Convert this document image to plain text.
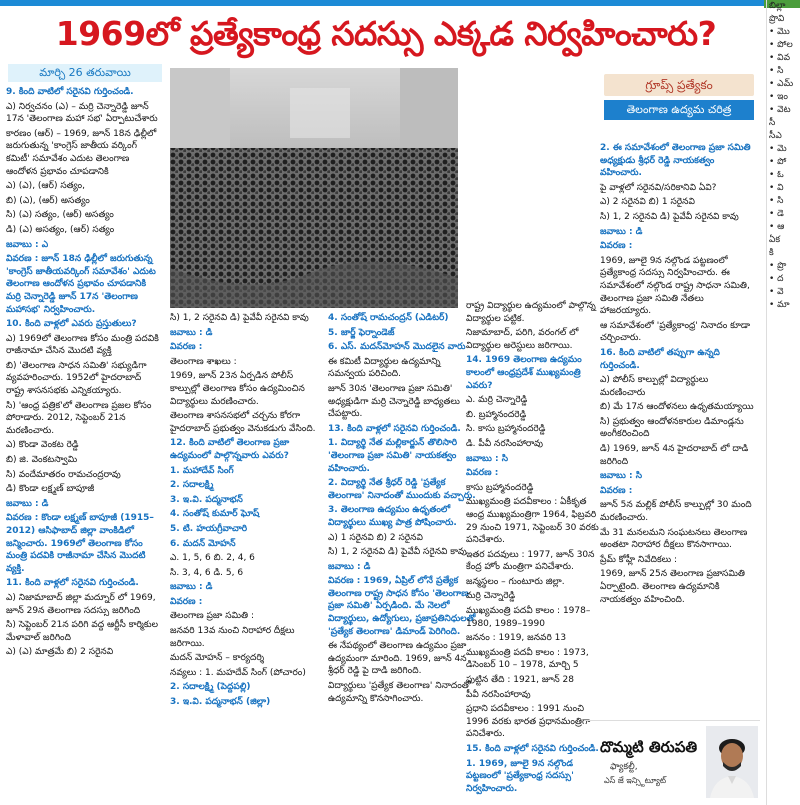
1969లో ప్రత్యేకాంధ్ర సదస్సు ఎక్కడ నిర్వహించారు?
మార్చి 26 తరువాయి

9. కింది వాటిలో సరైనవి గుర్తించండి.

ఎ) నిర్వచనం (ఎ) – మర్రి చెన్నారెడ్డి జూన్ 17న 'తెలంగాణ మహా సభ' ఏర్పాటుచేశారు

కారణం (ఆర్) – 1969, జూన్ 18న ఢిల్లీలో జరుగుతున్న 'కాంగ్రెస్ జాతీయ వర్కింగ్ కమిటీ' సమావేశం ఎదుట తెలంగాణ ఆందోళన ప్రభావం చూపడానికి

ఎ) (ఎ), (ఆర్) సత్యం,

బి) (ఎ), (ఆర్) అసత్యం

సి) (ఎ) సత్యం, (ఆర్) అసత్యం

డి) (ఎ) అసత్యం, (ఆర్) సత్యం

జవాబు : ఎ

వివరణ : జూన్ 18న ఢిల్లీలో జరుగుతున్న 'కాంగ్రెస్ జాతీయవర్కింగ్ సమావేశం' ఎదుట తెలంగాణ ఆందోళన ప్రభావం చూపడానికి మర్రి చెన్నారెడ్డి జూన్ 17న 'తెలంగాణ మహాసభ' నిర్వహించారు.

10. కింది వాళ్లలో ఎవరు ప్రస్తుతులు?

ఎ) 1969లో తెలంగాణ కోసం మంత్రి పదవికి రాజీనామా చేసిన మొదటి వ్యక్తి

బి) 'తెలంగాణ సాధన సమితి' సభ్యుడిగా వ్యవహరించారు. 1952లో హైదరాబాద్ రాష్ట్ర శాసనసభకు ఎన్నికయ్యారు.

సి) 'ఆంధ్ర పత్రిక'లో తెలంగాణ ప్రజల కోసం పోరాడారు. 2012, సెప్టెంబర్ 21న మరణించారు.

ఎ) కొండా వెంకట రెడ్డి

బి) జి. వెంకటస్వామి

సి) వందేమాతరం రామచంద్రరావు

డి) కొండా లక్ష్మణ్ బాపూజీ

జవాబు : డి

వివరణ : కొండా లక్ష్మణ్ బాపూజీ (1915–2012) ఆసిఫాబాద్ జిల్లా వాంకిడిలో జన్మించారు. 1969లో తెలంగాణ కోసం మంత్రి పదవికి రాజీనామా చేసిన మొదటి వ్యక్తి.

11. కింది వాళ్లలో సరైనవి గుర్తించండి.

ఎ) నిజామాబాద్ జిల్లా మద్నూర్ లో 1969, జూన్ 29న తెలంగాణ సదస్సు జరిగింది

సి) సెప్టెంబర్ 21న పరిగి వద్ద ఆర్టీసీ కార్మికుల మేళావాల్ జరిగింది

ఎ) (ఎ) మాత్రమే బి) 2 సరైనవి

సి) 1, 2 సరైనవి డి) పైవేవీ సరైనవి కావు

జవాబు : డి

వివరణ :

తెలంగాణ శాఖలు :

1969, జూన్ 23న ఏర్పడిన పోలీస్ కాల్పుల్లో తెలంగాణ కోసం ఉద్యమించిన విద్యార్థులు మరణించారు.

తెలంగాణ శాసనసభలో చర్చను కోరగా హైదరాబాద్ ప్రభుత్వం వెనుకడుగు వేసింది.

12. కింది వాటిలో తెలంగాణ ప్రజా ఉద్యమంలో పాల్గొన్నవారు ఎవరు?

1. మహాదేవ్ సింగ్

2. సదాలక్ష్మి

3. ఇ.వి. పద్మనాభన్

4. సంతోష్ కుమార్ ఘోష్

5. టి. హయగ్రీవాచారి

6. మదన్ మోహన్

ఎ. 1, 5, 6 బి. 2, 4, 6

సి. 3, 4, 6 డి. 5, 6

జవాబు : డి

వివరణ :

తెలంగాణ ప్రజా సమితి :

జనవరి 13వ నుంచి నిరాహార దీక్షలు జరిగాయి.

మదన్ మోహన్ – కార్యదర్శి

నవ్యలు : 1. మహదేవ్ సింగ్ (పోచారం)

2. సదాలక్ష్మి (పెద్దపల్లి)

3. ఇ.వి. పద్మనాభన్ (జిల్లా)

4. సంతోష్ రామచంద్రన్ (ఎడిటర్)

5. జార్జ్ ఫెర్నాండెజ్

6. ఎస్. మదన్‌మోహన్ మొదలైన వారు

ఈ కమిటీ విద్యార్థుల ఉద్యమాన్ని సమన్వయ పరిచింది.

జూన్ 30న 'తెలంగాణ ప్రజా సమితి' అధ్యక్షుడిగా మర్రి చెన్నారెడ్డి బాధ్యతలు చేపట్టారు.

13. కింది వాళ్లలో సరైనవి గుర్తించండి.

1. విద్యార్థి నేత మల్లికార్జున్ తొలిసారి 'తెలంగాణ ప్రజా సమితి' నాయకత్వం వహించారు.

2. విద్యార్థి నేత శ్రీధర్ రెడ్డి 'ప్రత్యేక తెలంగాణ' నినాదంతో ముందుకు వచ్చారు.

3. తెలంగాణ ఉద్యమం ఉధృతంలో విద్యార్థులు ముఖ్య పాత్ర పోషించారు.

ఎ) 1 సరైనవి బి) 2 సరైనవి

సి) 1, 2 సరైనవి డి) పైవేవీ సరైనవి కావు

జవాబు : డి

వివరణ : 1969, ఏప్రిల్ లోనే ప్రత్యేక తెలంగాణ రాష్ట్ర సాధన కోసం 'తెలంగాణ ప్రజా సమితి' ఏర్పడింది. మే నెలలో విద్యార్థులు, ఉద్యోగులు, ప్రజాప్రతినిధులతో 'ప్రత్యేక తెలంగాణ' డిమాండ్ పెరిగింది.

ఈ నేపథ్యంలో తెలంగాణ ఉద్యమం ప్రజా ఉద్యమంగా మారింది. 1969, జూన్ 4న శ్రీధర్ రెడ్డి పై దాడి జరిగింది.

విద్యార్థులు 'ప్రత్యేక తెలంగాణ' నినాదంతో ఉద్యమాన్ని కొనసాగించారు.

రాష్ట్ర విద్యార్థుల ఉద్యమంలో పాల్గొన్న విద్యార్థుల పట్టిక.

నిజామాబాద్, పరిగి, వరంగల్ లో విద్యార్థుల అరెస్టులు జరిగాయి.

14. 1969 తెలంగాణ ఉద్యమం కాలంలో ఆంధ్రప్రదేశ్ ముఖ్యమంత్రి ఎవరు?

ఎ. మర్రి చెన్నారెడ్డి

బి. బ్రహ్మానందరెడ్డి

సి. కాసు బ్రహ్మానందరెడ్డి

డి. పీవీ నరసింహారావు

జవాబు : సి

వివరణ :

కాసు బ్రహ్మానందరెడ్డి

ముఖ్యమంత్రి పదవీకాలం : ఏకీకృత ఆంధ్ర ముఖ్యమంత్రిగా 1964, ఫిబ్రవరి 29 నుంచి 1971, సెప్టెంబర్ 30 వరకు పనిచేశారు.

ఇతర పదవులు : 1977, జూన్ 30న కేంద్ర హోం మంత్రిగా పనిచేశారు.

జన్మస్థలం – గుంటూరు జిల్లా.

మర్రి చెన్నారెడ్డి

ముఖ్యమంత్రి పదవీ కాలం : 1978–1980, 1989–1990

జననం : 1919, జనవరి 13

ముఖ్యమంత్రి పదవీ కాలం : 1973, డిసెంబర్ 10 – 1978, మార్చి 5

పుట్టిన తేది : 1921, జూన్ 28

పీవీ నరసింహారావు

ప్రధాని పదవీకాలం : 1991 నుంచి 1996 వరకు భారత ప్రధానమంత్రిగా పనిచేశారు.

15. కింది వాళ్లలో సరైనవి గుర్తించండి.

1. 1969, జూలై 9న నల్గొండ పట్టణంలో 'ప్రత్యేకాంధ్ర సదస్సు' నిర్వహించారు.

గ్రూప్స్ ప్రత్యేకం
తెలంగాణ ఉద్యమ చరిత్ర

2. ఈ సమావేశంలో తెలంగాణ ప్రజా సమితి అధ్యక్షుడు శ్రీధర్ రెడ్డి నాయకత్వం వహించారు.

పై వాళ్లలో సరైనవి/సరికానివి ఏవి?

ఎ) 2 సరైనవి బి) 1 సరైనవి

సి) 1, 2 సరైనవి డి) పైవేవీ సరైనవి కావు

జవాబు : డి

వివరణ :

1969, జూలై 9న నల్గొండ పట్టణంలో ప్రత్యేకాంధ్ర సదస్సు నిర్వహించారు. ఈ సమావేశంలో నల్గొండ రాష్ట్ర సాధనా సమితి, తెలంగాణ ప్రజా సమితి నేతలు హాజరయ్యారు.

ఆ సమావేశంలో 'ప్రత్యేకాంధ్ర' నినాదం కూడా చర్చించారు.

16. కింది వాటిలో తప్పుగా ఉన్నది గుర్తించండి.

ఎ) పోలీస్ కాల్పుల్లో విద్యార్థులు మరణించారు

బి) మే 17న ఆందోళనలు ఉధృతమయ్యాయి

సి) ప్రభుత్వం ఆందోళనకారుల డిమాండ్లను అంగీకరించింది

డి) 1969, జూన్ 4న హైదరాబాద్ లో దాడి జరిగింది

జవాబు : సి

వివరణ :

జూన్ 5న మల్లిక్ పోలీస్ కాల్పుల్లో 30 మంది మరణించారు.

మే 31 మనలమని సంఘటనలు తెలంగాణ అంతటా నిరాహార దీక్షలు కొనసాగాయి.

ప్రేమ్ కోహ్లీ నివేదికలు :

1969, జూన్ 25న తెలంగాణ ప్రజాసమితి ఏర్పాటైంది. తెలంగాణ ఉద్యమానికి నాయకత్వం వహించింది.

దొమ్మటి తిరుపతి
ఫ్యాకల్టీ,
ఎస్ జే ఇన్స్టిట్యూట్
బిల్లా
ప్రొవి
• మొ
• పోల
• వివ
• సి
• ఎమ్
• ఇం
• వెట
సీ
సీఎ
• మె
• పో
• ఓ
• వి
• సి
• డె
• ఆ
ఏక
కి
• ప్రొ
• ద
• వె
• మా
